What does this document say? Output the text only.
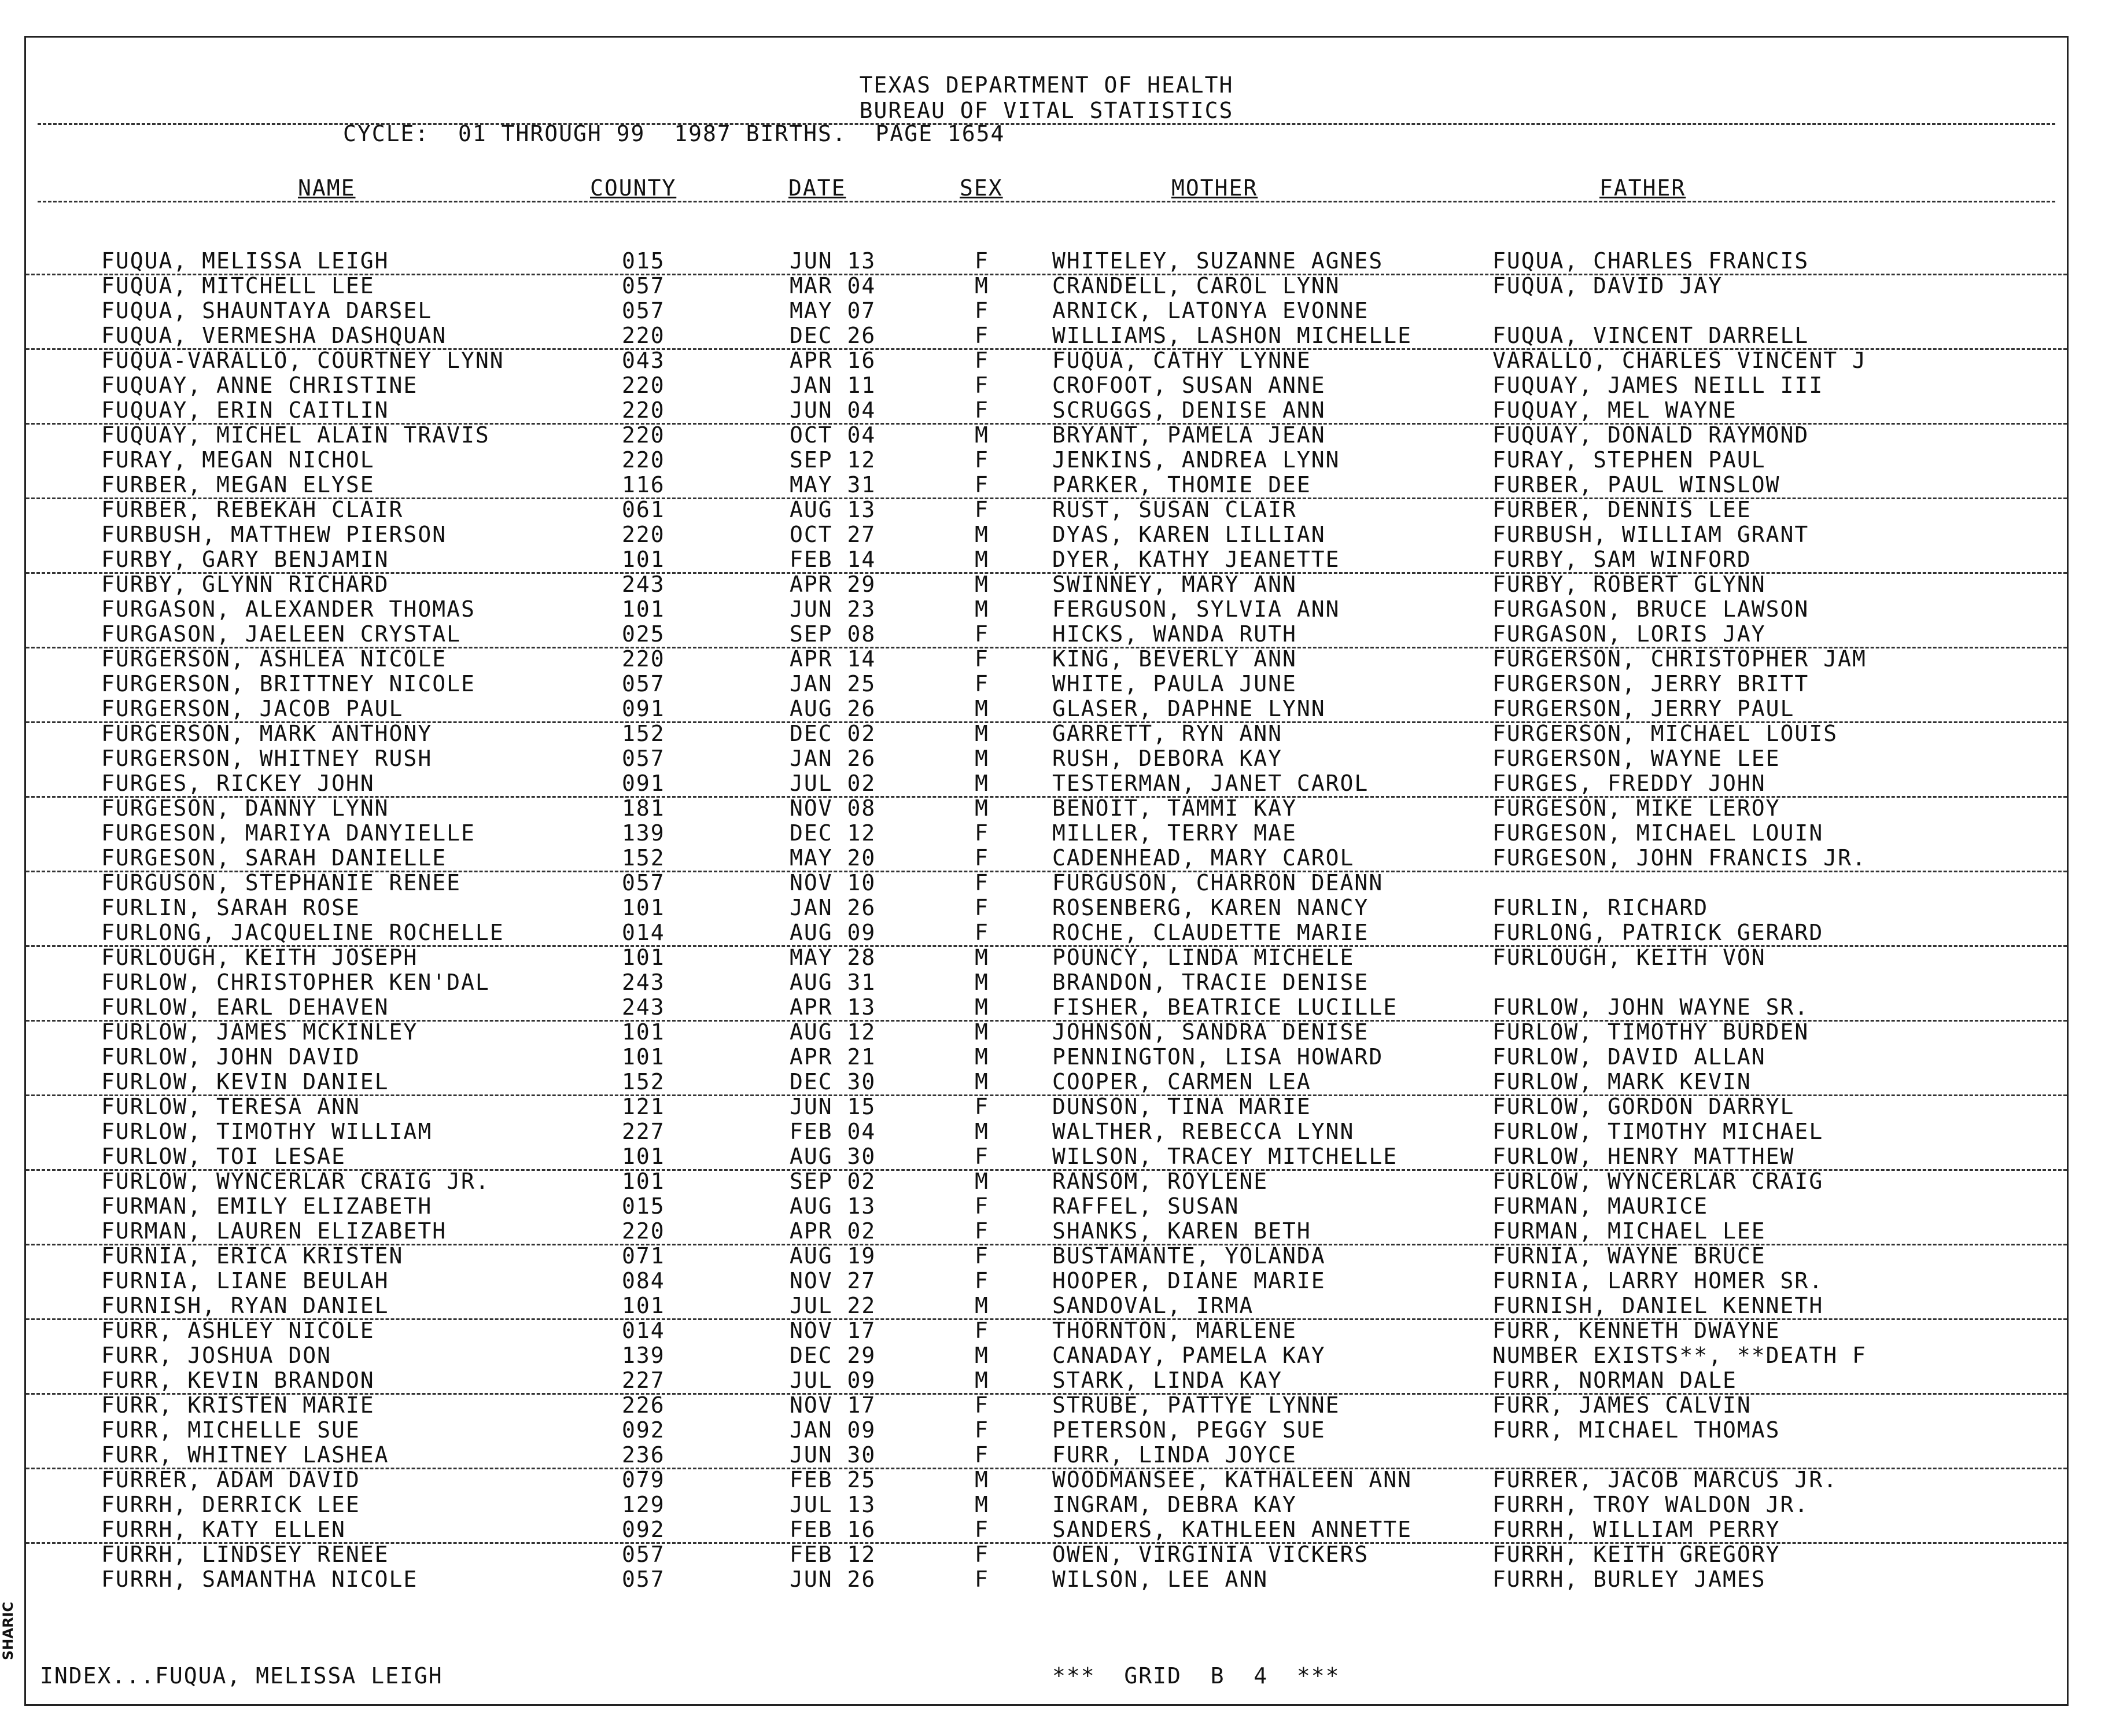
TEXAS DEPARTMENT OF HEALTH
BUREAU OF VITAL STATISTICS
CYCLE:  01 THROUGH 99  1987 BIRTHS.  PAGE 1654
NAME	COUNTY	DATE	SEX	MOTHER	FATHER
FUQUA, MELISSA LEIGH	015	JUN 13	F	WHITELEY, SUZANNE AGNES	FUQUA, CHARLES FRANCIS
FUQUA, MITCHELL LEE	057	MAR 04	M	CRANDELL, CAROL LYNN	FUQUA, DAVID JAY
FUQUA, SHAUNTAYA DARSEL	057	MAY 07	F	ARNICK, LATONYA EVONNE
FUQUA, VERMESHA DASHQUAN	220	DEC 26	F	WILLIAMS, LASHON MICHELLE	FUQUA, VINCENT DARRELL
FUQUA-VARALLO, COURTNEY LYNN	043	APR 16	F	FUQUA, CATHY LYNNE	VARALLO, CHARLES VINCENT J
FUQUAY, ANNE CHRISTINE	220	JAN 11	F	CROFOOT, SUSAN ANNE	FUQUAY, JAMES NEILL III
FUQUAY, ERIN CAITLIN	220	JUN 04	F	SCRUGGS, DENISE ANN	FUQUAY, MEL WAYNE
FUQUAY, MICHEL ALAIN TRAVIS	220	OCT 04	M	BRYANT, PAMELA JEAN	FUQUAY, DONALD RAYMOND
FURAY, MEGAN NICHOL	220	SEP 12	F	JENKINS, ANDREA LYNN	FURAY, STEPHEN PAUL
FURBER, MEGAN ELYSE	116	MAY 31	F	PARKER, THOMIE DEE	FURBER, PAUL WINSLOW
FURBER, REBEKAH CLAIR	061	AUG 13	F	RUST, SUSAN CLAIR	FURBER, DENNIS LEE
FURBUSH, MATTHEW PIERSON	220	OCT 27	M	DYAS, KAREN LILLIAN	FURBUSH, WILLIAM GRANT
FURBY, GARY BENJAMIN	101	FEB 14	M	DYER, KATHY JEANETTE	FURBY, SAM WINFORD
FURBY, GLYNN RICHARD	243	APR 29	M	SWINNEY, MARY ANN	FURBY, ROBERT GLYNN
FURGASON, ALEXANDER THOMAS	101	JUN 23	M	FERGUSON, SYLVIA ANN	FURGASON, BRUCE LAWSON
FURGASON, JAELEEN CRYSTAL	025	SEP 08	F	HICKS, WANDA RUTH	FURGASON, LORIS JAY
FURGERSON, ASHLEA NICOLE	220	APR 14	F	KING, BEVERLY ANN	FURGERSON, CHRISTOPHER JAM
FURGERSON, BRITTNEY NICOLE	057	JAN 25	F	WHITE, PAULA JUNE	FURGERSON, JERRY BRITT
FURGERSON, JACOB PAUL	091	AUG 26	M	GLASER, DAPHNE LYNN	FURGERSON, JERRY PAUL
FURGERSON, MARK ANTHONY	152	DEC 02	M	GARRETT, RYN ANN	FURGERSON, MICHAEL LOUIS
FURGERSON, WHITNEY RUSH	057	JAN 26	M	RUSH, DEBORA KAY	FURGERSON, WAYNE LEE
FURGES, RICKEY JOHN	091	JUL 02	M	TESTERMAN, JANET CAROL	FURGES, FREDDY JOHN
FURGESON, DANNY LYNN	181	NOV 08	M	BENOIT, TAMMI KAY	FURGESON, MIKE LEROY
FURGESON, MARIYA DANYIELLE	139	DEC 12	F	MILLER, TERRY MAE	FURGESON, MICHAEL LOUIN
FURGESON, SARAH DANIELLE	152	MAY 20	F	CADENHEAD, MARY CAROL	FURGESON, JOHN FRANCIS JR.
FURGUSON, STEPHANIE RENEE	057	NOV 10	F	FURGUSON, CHARRON DEANN
FURLIN, SARAH ROSE	101	JAN 26	F	ROSENBERG, KAREN NANCY	FURLIN, RICHARD
FURLONG, JACQUELINE ROCHELLE	014	AUG 09	F	ROCHE, CLAUDETTE MARIE	FURLONG, PATRICK GERARD
FURLOUGH, KEITH JOSEPH	101	MAY 28	M	POUNCY, LINDA MICHELE	FURLOUGH, KEITH VON
FURLOW, CHRISTOPHER KEN'DAL	243	AUG 31	M	BRANDON, TRACIE DENISE
FURLOW, EARL DEHAVEN	243	APR 13	M	FISHER, BEATRICE LUCILLE	FURLOW, JOHN WAYNE SR.
FURLOW, JAMES MCKINLEY	101	AUG 12	M	JOHNSON, SANDRA DENISE	FURLOW, TIMOTHY BURDEN
FURLOW, JOHN DAVID	101	APR 21	M	PENNINGTON, LISA HOWARD	FURLOW, DAVID ALLAN
FURLOW, KEVIN DANIEL	152	DEC 30	M	COOPER, CARMEN LEA	FURLOW, MARK KEVIN
FURLOW, TERESA ANN	121	JUN 15	F	DUNSON, TINA MARIE	FURLOW, GORDON DARRYL
FURLOW, TIMOTHY WILLIAM	227	FEB 04	M	WALTHER, REBECCA LYNN	FURLOW, TIMOTHY MICHAEL
FURLOW, TOI LESAE	101	AUG 30	F	WILSON, TRACEY MITCHELLE	FURLOW, HENRY MATTHEW
FURLOW, WYNCERLAR CRAIG JR.	101	SEP 02	M	RANSOM, ROYLENE	FURLOW, WYNCERLAR CRAIG
FURMAN, EMILY ELIZABETH	015	AUG 13	F	RAFFEL, SUSAN	FURMAN, MAURICE
FURMAN, LAUREN ELIZABETH	220	APR 02	F	SHANKS, KAREN BETH	FURMAN, MICHAEL LEE
FURNIA, ERICA KRISTEN	071	AUG 19	F	BUSTAMANTE, YOLANDA	FURNIA, WAYNE BRUCE
FURNIA, LIANE BEULAH	084	NOV 27	F	HOOPER, DIANE MARIE	FURNIA, LARRY HOMER SR.
FURNISH, RYAN DANIEL	101	JUL 22	M	SANDOVAL, IRMA	FURNISH, DANIEL KENNETH
FURR, ASHLEY NICOLE	014	NOV 17	F	THORNTON, MARLENE	FURR, KENNETH DWAYNE
FURR, JOSHUA DON	139	DEC 29	M	CANADAY, PAMELA KAY	NUMBER EXISTS**, **DEATH F
FURR, KEVIN BRANDON	227	JUL 09	M	STARK, LINDA KAY	FURR, NORMAN DALE
FURR, KRISTEN MARIE	226	NOV 17	F	STRUBE, PATTYE LYNNE	FURR, JAMES CALVIN
FURR, MICHELLE SUE	092	JAN 09	F	PETERSON, PEGGY SUE	FURR, MICHAEL THOMAS
FURR, WHITNEY LASHEA	236	JUN 30	F	FURR, LINDA JOYCE
FURRER, ADAM DAVID	079	FEB 25	M	WOODMANSEE, KATHALEEN ANN	FURRER, JACOB MARCUS JR.
FURRH, DERRICK LEE	129	JUL 13	M	INGRAM, DEBRA KAY	FURRH, TROY WALDON JR.
FURRH, KATY ELLEN	092	FEB 16	F	SANDERS, KATHLEEN ANNETTE	FURRH, WILLIAM PERRY
FURRH, LINDSEY RENEE	057	FEB 12	F	OWEN, VIRGINIA VICKERS	FURRH, KEITH GREGORY
FURRH, SAMANTHA NICOLE	057	JUN 26	F	WILSON, LEE ANN	FURRH, BURLEY JAMES
INDEX...FUQUA, MELISSA LEIGH	***  GRID  B  4  ***
SHARIC
